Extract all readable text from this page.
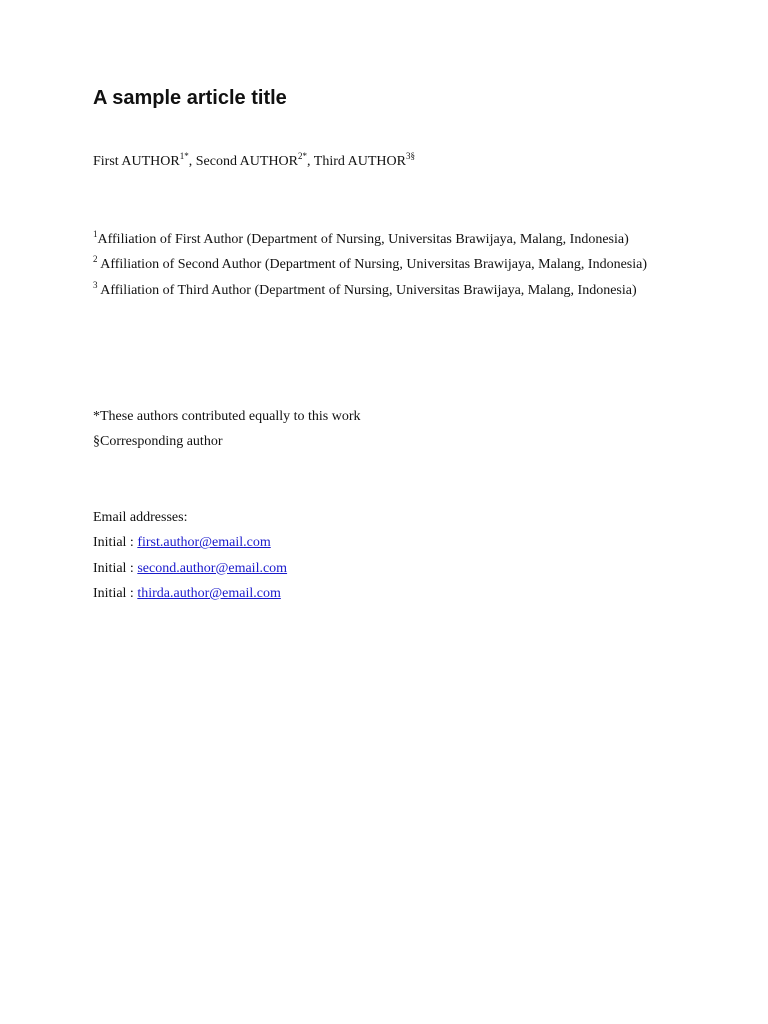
A sample article title
First $AUTHOR^{1*}$, Second $AUTHOR^{2*}$, Third $AUTHOR^{3\S}$

$^1$Affiliation of First Author (Department of Nursing, Universitas Brawijaya, Malang, Indonesia)

$^2$ Affiliation of Second Author (Department of Nursing, Universitas Brawijaya, Malang, Indonesia)

$^3$ Affiliation of Third Author (Department of Nursing, Universitas Brawijaya, Malang, Indonesia)

*These authors contributed equally to this work
§Corresponding author
Email addresses:
Initial : first.author@email.com
Initial : second.author@email.com
Initial : thirda.author@email.com
